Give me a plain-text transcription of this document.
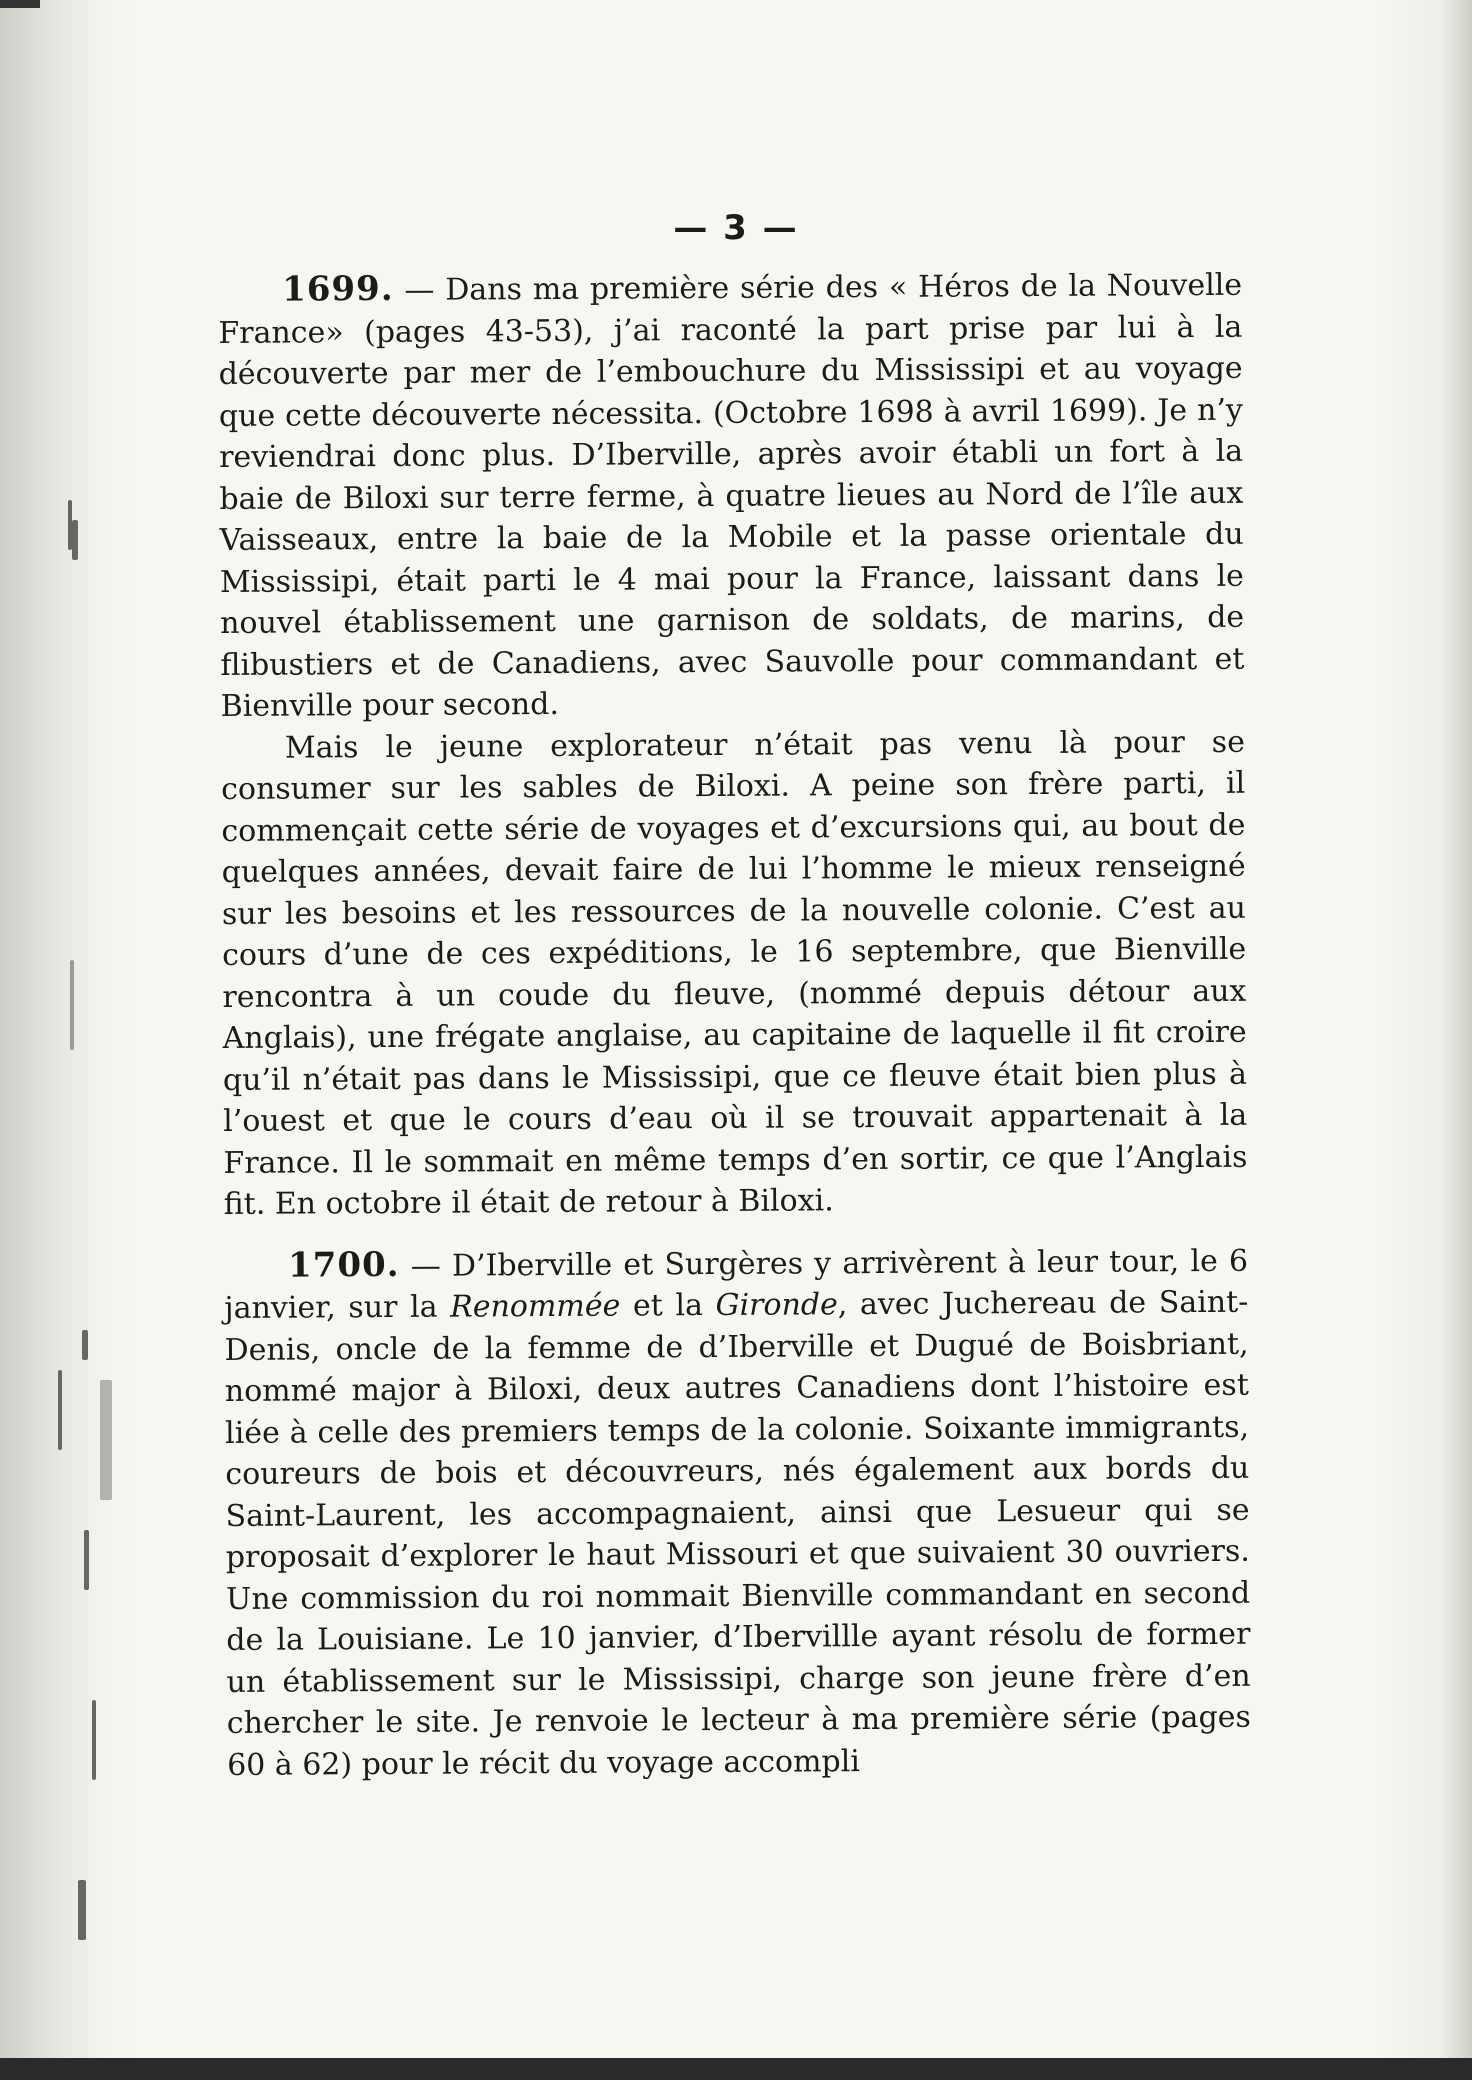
— 3 —

1699. — Dans ma première série des « Héros de la Nouvelle France» (pages 43-53), j’ai raconté la part prise par lui à la découverte par mer de l’embouchure du Mississipi et au voyage que cette découverte nécessita. (Octobre 1698 à avril 1699). Je n’y reviendrai donc plus. D’Iberville, après avoir établi un fort à la baie de Biloxi sur terre ferme, à quatre lieues au Nord de l’île aux Vaisseaux, entre la baie de la Mobile et la passe orientale du Mississipi, était parti le 4 mai pour la France, laissant dans le nouvel établissement une garnison de soldats, de marins, de flibustiers et de Canadiens, avec Sauvolle pour commandant et Bienville pour second.

Mais le jeune explorateur n’était pas venu là pour se consumer sur les sables de Biloxi. A peine son frère parti, il commençait cette série de voyages et d’excursions qui, au bout de quelques années, devait faire de lui l’homme le mieux renseigné sur les besoins et les ressources de la nouvelle colonie. C’est au cours d’une de ces expéditions, le 16 septembre, que Bienville rencontra à un coude du fleuve, (nommé depuis détour aux Anglais), une frégate anglaise, au capitaine de laquelle il fit croire qu’il n’était pas dans le Mississipi, que ce fleuve était bien plus à l’ouest et que le cours d’eau où il se trouvait appartenait à la France. Il le sommait en même temps d’en sortir, ce que l’Anglais fit. En octobre il était de retour à Biloxi.

1700. — D’Iberville et Surgères y arrivèrent à leur tour, le 6 janvier, sur la Renommée et la Gironde, avec Juchereau de Saint-Denis, oncle de la femme de d’Iberville et Dugué de Boisbriant, nommé major à Biloxi, deux autres Canadiens dont l’histoire est liée à celle des premiers temps de la colonie. Soixante immigrants, coureurs de bois et découvreurs, nés également aux bords du Saint-Laurent, les accompagnaient, ainsi que Lesueur qui se proposait d’explorer le haut Missouri et que suivaient 30 ouvriers. Une commission du roi nommait Bienville commandant en second de la Louisiane. Le 10 janvier, d’Ibervillle ayant résolu de former un établissement sur le Mississipi, charge son jeune frère d’en chercher le site. Je renvoie le lecteur à ma première série (pages 60 à 62) pour le récit du voyage accompli
